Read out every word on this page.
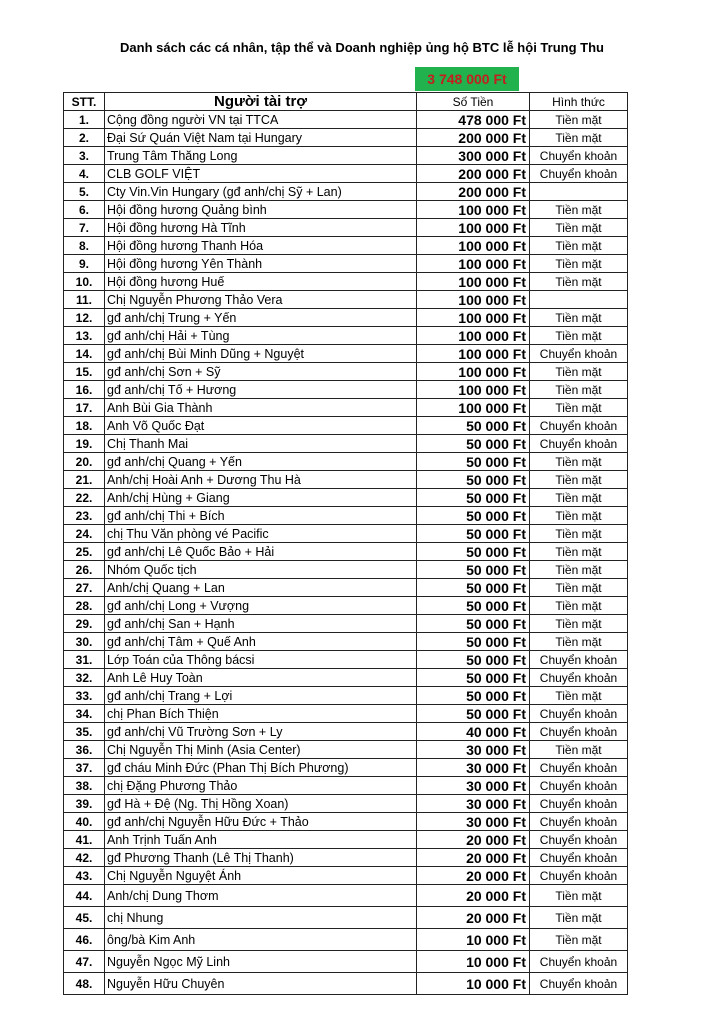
Danh sách các cá nhân, tập thể và Doanh nghiệp ủng hộ BTC lễ hội Trung Thu
3 748 000 Ft
STT.	Người tài trợ	Số Tiền	Hình thức
1.	Cộng đồng người VN tại TTCA	478 000 Ft	Tiền mặt
2.	Đại Sứ Quán Việt Nam tại Hungary	200 000 Ft	Tiền mặt
3.	Trung Tâm Thăng Long	300 000 Ft	Chuyển khoản
4.	CLB GOLF VIỆT	200 000 Ft	Chuyển khoản
5.	Cty Vin.Vin Hungary (gđ anh/chị Sỹ + Lan)	200 000 Ft	
6.	Hội đồng hương Quảng bình	100 000 Ft	Tiền mặt
7.	Hội đồng hương Hà Tĩnh	100 000 Ft	Tiền mặt
8.	Hội đồng hương Thanh Hóa	100 000 Ft	Tiền mặt
9.	Hội đồng hương Yên Thành	100 000 Ft	Tiền mặt
10.	Hội đồng hương Huế	100 000 Ft	Tiền mặt
11.	Chị Nguyễn Phương Thảo Vera	100 000 Ft	
12.	gđ anh/chị Trung + Yến	100 000 Ft	Tiền mặt
13.	gđ anh/chị Hải + Tùng	100 000 Ft	Tiền mặt
14.	gđ anh/chị Bùi Minh Dũng + Nguyệt	100 000 Ft	Chuyển khoản
15.	gđ anh/chị Sơn + Sỹ	100 000 Ft	Tiền mặt
16.	gđ anh/chị Tố + Hương	100 000 Ft	Tiền mặt
17.	Anh Bùi Gia Thành	100 000 Ft	Tiền mặt
18.	Anh Võ Quốc Đạt	50 000 Ft	Chuyển khoản
19.	Chị Thanh Mai	50 000 Ft	Chuyển khoản
20.	gđ anh/chị Quang + Yến	50 000 Ft	Tiền mặt
21.	Anh/chị Hoài Anh + Dương Thu Hà	50 000 Ft	Tiền mặt
22.	Anh/chị Hùng + Giang	50 000 Ft	Tiền mặt
23.	gđ anh/chị Thi + Bích	50 000 Ft	Tiền mặt
24.	chị Thu Văn phòng vé Pacific	50 000 Ft	Tiền mặt
25.	gđ anh/chị Lê Quốc Bảo + Hải	50 000 Ft	Tiền mặt
26.	Nhóm Quốc tịch	50 000 Ft	Tiền mặt
27.	Anh/chị Quang + Lan	50 000 Ft	Tiền mặt
28.	gđ anh/chị Long + Vượng	50 000 Ft	Tiền mặt
29.	gđ anh/chị San + Hạnh	50 000 Ft	Tiền mặt
30.	gđ anh/chị Tâm + Quế Anh	50 000 Ft	Tiền mặt
31.	Lớp Toán của Thông bácsi	50 000 Ft	Chuyển khoản
32.	Anh Lê Huy Toàn	50 000 Ft	Chuyển khoản
33.	gđ anh/chị Trang + Lợi	50 000 Ft	Tiền mặt
34.	chị Phan Bích Thiện	50 000 Ft	Chuyển khoản
35.	gđ anh/chị Vũ Trường Sơn + Ly	40 000 Ft	Chuyển khoản
36.	Chị Nguyễn Thị Minh (Asia Center)	30 000 Ft	Tiền mặt
37.	gđ cháu Minh Đức (Phan Thị Bích Phương)	30 000 Ft	Chuyển khoản
38.	chị Đặng Phương Thảo	30 000 Ft	Chuyển khoản
39.	gđ Hà + Đệ (Ng. Thị Hồng Xoan)	30 000 Ft	Chuyển khoản
40.	gđ anh/chị Nguyễn Hữu Đức + Thảo	30 000 Ft	Chuyển khoản
41.	Anh Trịnh Tuấn Anh	20 000 Ft	Chuyển khoản
42.	gđ Phương Thanh (Lê Thị Thanh)	20 000 Ft	Chuyển khoản
43.	Chị Nguyễn Nguyệt Ánh	20 000 Ft	Chuyển khoản
44.	Anh/chị Dung Thơm	20 000 Ft	Tiền mặt
45.	chị Nhung	20 000 Ft	Tiền mặt
46.	ông/bà Kim Anh	10 000 Ft	Tiền mặt
47.	Nguyễn Ngọc Mỹ Linh	10 000 Ft	Chuyển khoản
48.	Nguyễn Hữu Chuyên	10 000 Ft	Chuyển khoản
